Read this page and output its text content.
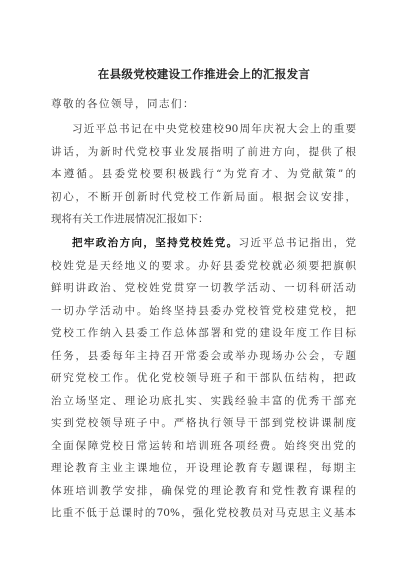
在县级党校建设工作推进会上的汇报发言
尊敬的各位领导，同志们：
习近平总书记在中央党校建校90周年庆祝大会上的重要
讲话，为新时代党校事业发展指明了前进方向，提供了根
本遵循。县委党校要积极践行“为党育才、为党献策”的
初心，不断开创新时代党校工作新局面。根据会议安排，
现将有关工作进展情况汇报如下：
把牢政治方向，坚持党校姓党。习近平总书记指出，党
校姓党是天经地义的要求。办好县委党校就必须要把旗帜
鲜明讲政治、党校姓党贯穿一切教学活动、一切科研活动
一切办学活动中。始终坚持县委办党校管党校建党校，把
党校工作纳入县委工作总体部署和党的建设年度工作目标
任务，县委每年主持召开常委会或举办现场办公会，专题
研究党校工作。优化党校领导班子和干部队伍结构，把政
治立场坚定、理论功底扎实、实践经验丰富的优秀干部充
实到党校领导班子中。严格执行领导干部到党校讲课制度
全面保障党校日常运转和培训班各项经费。始终突出党的
理论教育主业主课地位，开设理论教育专题课程，每期主
体班培训教学安排，确保党的理论教育和党性教育课程的
比重不低于总课时的70%，强化党校教员对马克思主义基本
